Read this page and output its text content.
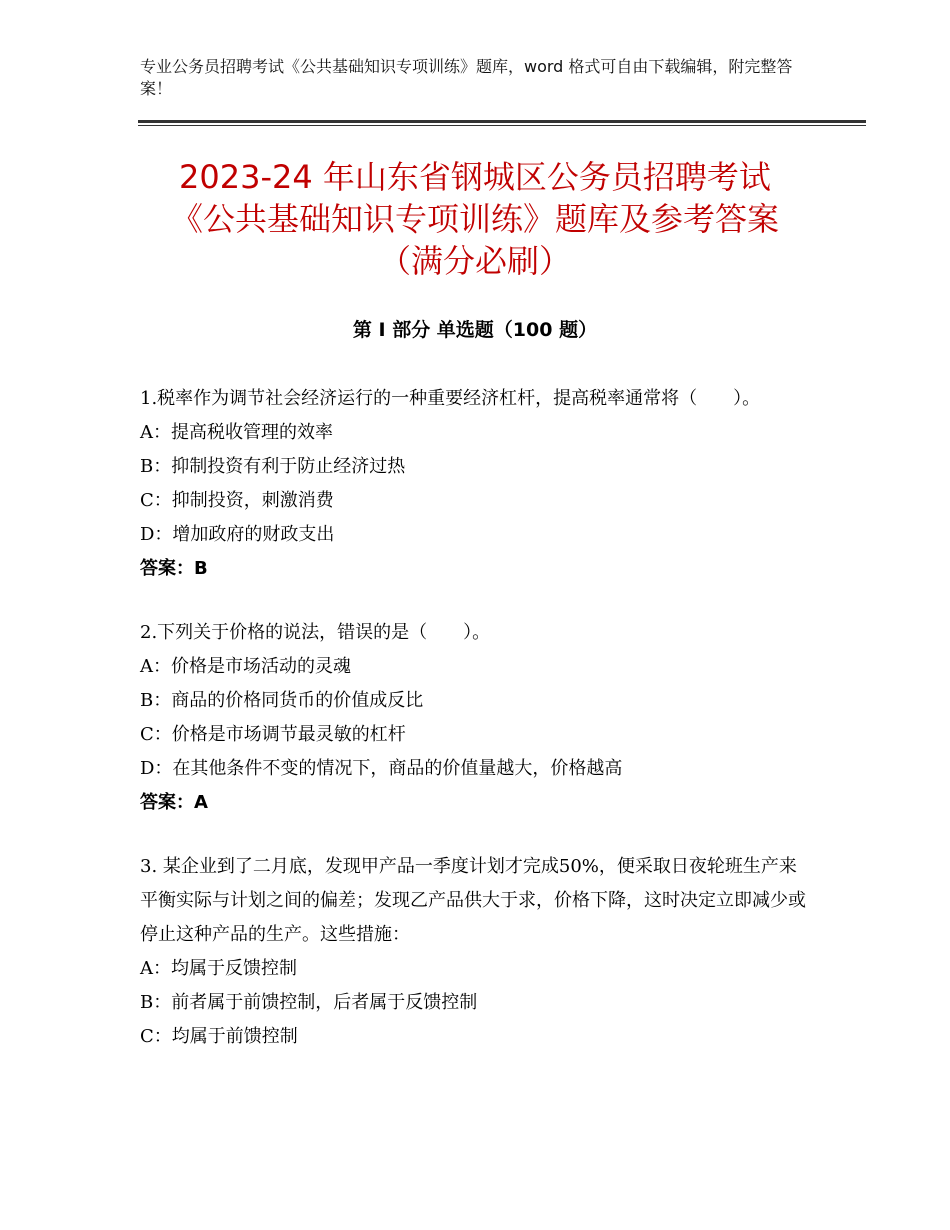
专业公务员招聘考试《公共基础知识专项训练》题库，word 格式可自由下载编辑，附完整答案！
2023-24 年山东省钢城区公务员招聘考试
《公共基础知识专项训练》题库及参考答案
（满分必刷）
第 I 部分 单选题（100 题）
1.税率作为调节社会经济运行的一种重要经济杠杆，提高税率通常将（　　）。
A：提高税收管理的效率
B：抑制投资有利于防止经济过热
C：抑制投资，刺激消费
D：增加政府的财政支出
答案：B
2.下列关于价格的说法，错误的是（　　）。
A：价格是市场活动的灵魂
B：商品的价格同货币的价值成反比
C：价格是市场调节最灵敏的杠杆
D：在其他条件不变的情况下，商品的价值量越大，价格越高
答案：A
3. 某企业到了二月底，发现甲产品一季度计划才完成50%，便采取日夜轮班生产来平衡实际与计划之间的偏差；发现乙产品供大于求，价格下降，这时决定立即减少或停止这种产品的生产。这些措施：
A：均属于反馈控制
B：前者属于前馈控制，后者属于反馈控制
C：均属于前馈控制
